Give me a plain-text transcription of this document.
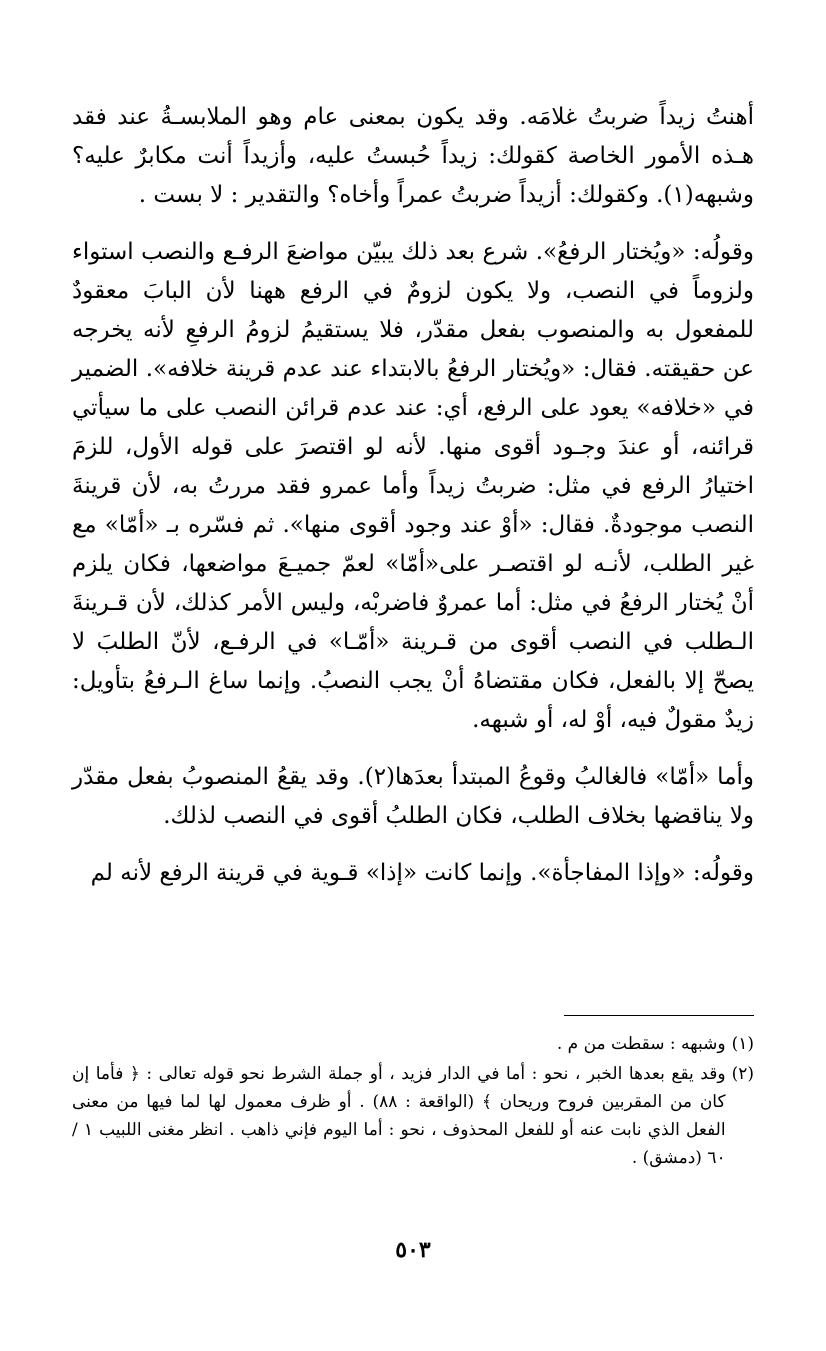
أهنتُ زيداً ضربتُ غلامَه. وقد يكون بمعنى عام وهو الملابسـةُ عند فقد هـذه الأمور الخاصة كقولك: زيداً حُبستُ عليه، وأزيداً أنت مكابرٌ عليه؟ وشبهه(١). وكقولك: أزيداً ضربتُ عمراً وأخاه؟ والتقدير : لا بست .

وقولُه: «ويُختار الرفعُ». شرع بعد ذلك يبيّن مواضعَ الرفـع والنصب استواء ولزوماً في النصب، ولا يكون لزومٌ في الرفع ههنا لأن البابَ معقودٌ للمفعول به والمنصوب بفعل مقدّر، فلا يستقيمُ لزومُ الرفعِ لأنه يخرجه عن حقيقته. فقال: «ويُختار الرفعُ بالابتداء عند عدم قرينة خلافه». الضمير في «خلافه» يعود على الرفع، أي: عند عدم قرائن النصب على ما سيأتي قرائنه، أو عندَ وجـود أقوى منها. لأنه لو اقتصرَ على قوله الأول، للزمَ اختيارُ الرفع في مثل: ضربتُ زيداً وأما عمرو فقد مررتُ به، لأن قرينةَ النصب موجودةٌ. فقال: «أوْ عند وجود أقوى منها». ثم فسّره بـ «أمّا» مع غير الطلب، لأنـه لو اقتصـر على«أمّا» لعمّ جميـعَ مواضعها، فكان يلزم أنْ يُختار الرفعُ في مثل: أما عمروٌ فاضربْه، وليس الأمر كذلك، لأن قـرينةَ الـطلب في النصب أقوى من قـرينة «أمّـا» في الرفـع، لأنّ الطلبَ لا يصحّ إلا بالفعل، فكان مقتضاهُ أنْ يجب النصبُ. وإنما ساغ الـرفعُ بتأويل: زيدٌ مقولٌ فيه، أوْ له، أو شبهه.

وأما «أمّا» فالغالبُ وقوعُ المبتدأ بعدَها(٢). وقد يقعُ المنصوبُ بفعل مقدّر ولا يناقضها بخلاف الطلب، فكان الطلبُ أقوى في النصب لذلك.

وقولُه: «وإذا المفاجأة». وإنما كانت «إذا» قـوية في قرينة الرفع لأنه لم

(١)
وشبهه : سقطت من م .
(٢)
وقد يقع بعدها الخبر ، نحو : أما في الدار فزيد ، أو جملة الشرط نحو قوله تعالى : ﴿ فأما إن كان من المقربين فروح وريحان ﴾ (الواقعة : ٨٨) . أو ظرف معمول لها لما فيها من معنى الفعل الذي نابت عنه أو للفعل المحذوف ، نحو : أما اليوم فإني ذاهب . انظر مغنى اللبيب ١ / ٦٠ (دمشق) .
٥٠٣
